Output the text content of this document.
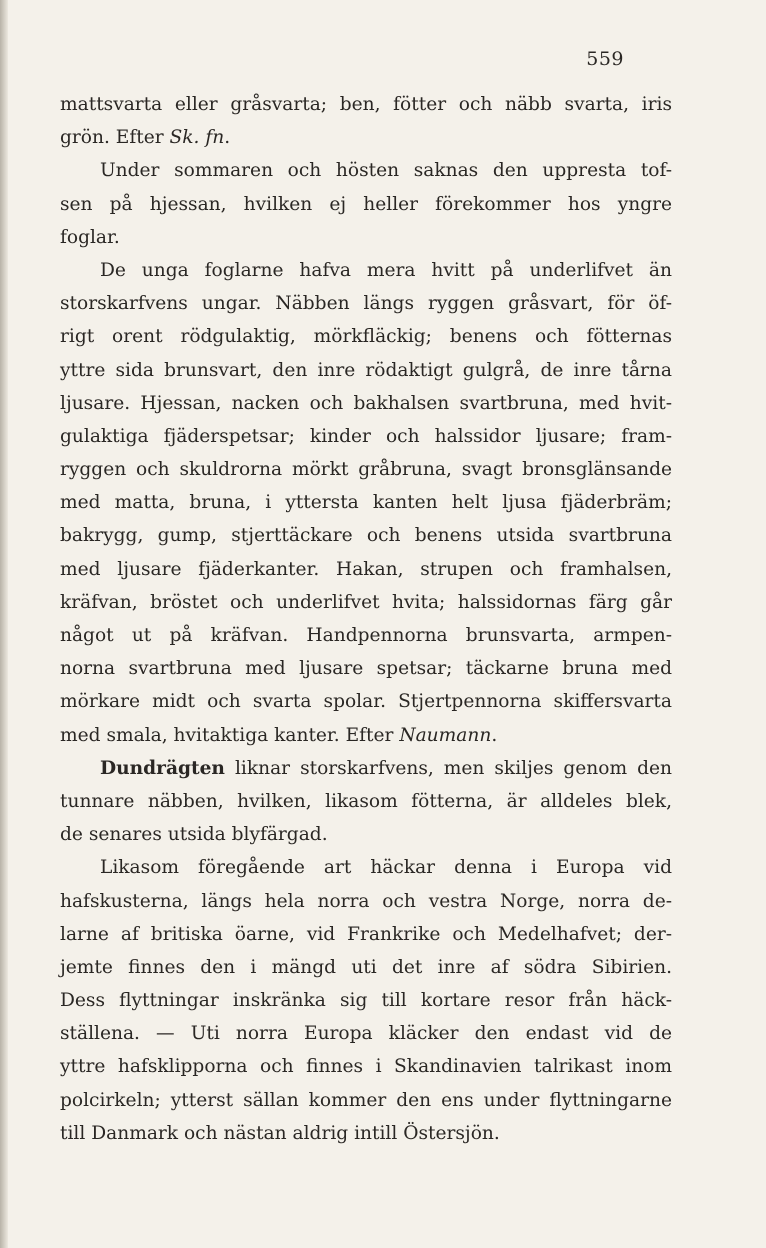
559
mattsvarta eller gråsvarta; ben, fötter och näbb svarta, iris
grön. Efter Sk. fn.
Under sommaren och hösten saknas den uppresta tof-
sen på hjessan, hvilken ej heller förekommer hos yngre
foglar.
De unga foglarne hafva mera hvitt på underlifvet än
storskarfvens ungar. Näbben längs ryggen gråsvart, för öf-
rigt orent rödgulaktig, mörkfläckig; benens och fötternas
yttre sida brunsvart, den inre rödaktigt gulgrå, de inre tårna
ljusare. Hjessan, nacken och bakhalsen svartbruna, med hvit-
gulaktiga fjäderspetsar; kinder och halssidor ljusare; fram-
ryggen och skuldrorna mörkt gråbruna, svagt bronsglänsande
med matta, bruna, i yttersta kanten helt ljusa fjäderbräm;
bakrygg, gump, stjerttäckare och benens utsida svartbruna
med ljusare fjäderkanter. Hakan, strupen och framhalsen,
kräfvan, bröstet och underlifvet hvita; halssidornas färg går
något ut på kräfvan. Handpennorna brunsvarta, armpen-
norna svartbruna med ljusare spetsar; täckarne bruna med
mörkare midt och svarta spolar. Stjertpennorna skiffersvarta
med smala, hvitaktiga kanter. Efter Naumann.
Dundrägten liknar storskarfvens, men skiljes genom den
tunnare näbben, hvilken, likasom fötterna, är alldeles blek,
de senares utsida blyfärgad.
Likasom föregående art häckar denna i Europa vid
hafskusterna, längs hela norra och vestra Norge, norra de-
larne af britiska öarne, vid Frankrike och Medelhafvet; der-
jemte finnes den i mängd uti det inre af södra Sibirien.
Dess flyttningar inskränka sig till kortare resor från häck-
ställena. — Uti norra Europa kläcker den endast vid de
yttre hafsklipporna och finnes i Skandinavien talrikast inom
polcirkeln; ytterst sällan kommer den ens under flyttningarne
till Danmark och nästan aldrig intill Östersjön.
